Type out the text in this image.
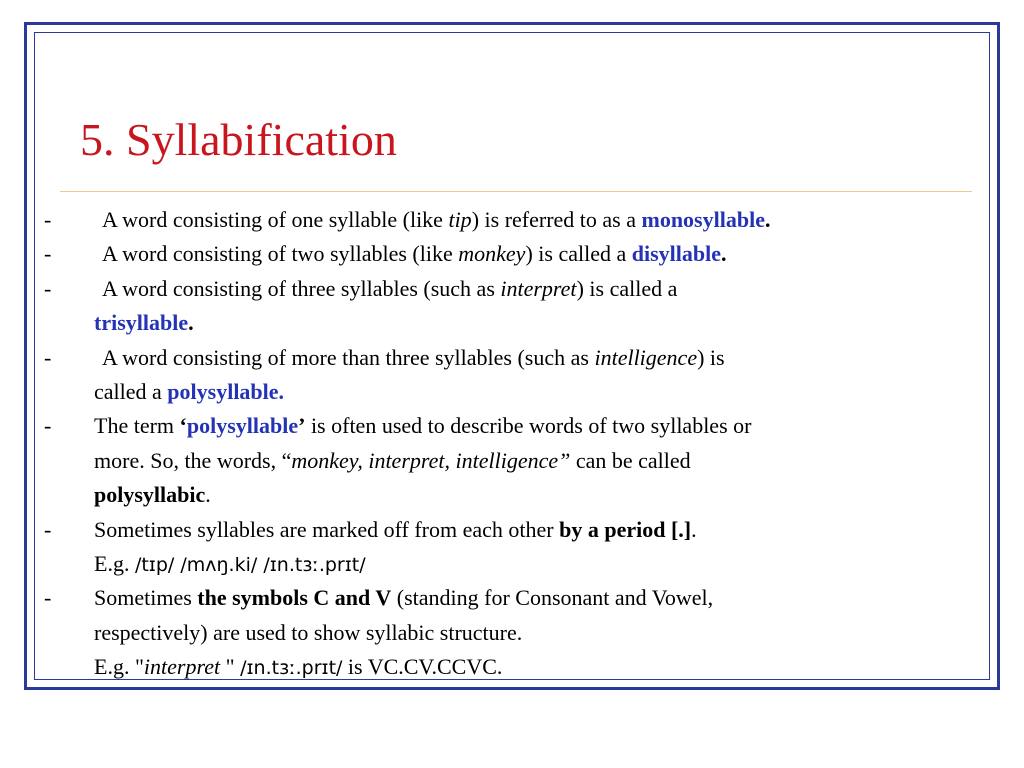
5. Syllabification
- A word consisting of one syllable (like tip) is referred to as a monosyllable.
- A word consisting of two syllables (like monkey) is called a disyllable.
- A word consisting of three syllables (such as interpret) is called a
trisyllable.
- A word consisting of more than three syllables (such as intelligence) is
called a polysyllable.
- The term ‘polysyllable’ is often used to describe words of two syllables or
more. So, the words, “monkey, interpret, intelligence” can be called
polysyllabic.
- Sometimes syllables are marked off from each other by a period [.].
E.g. /tɪp/ /mʌŋ.ki/ /ɪn.tɜː.prɪt/
- Sometimes the symbols C and V (standing for Consonant and Vowel,
respectively) are used to show syllabic structure.
E.g. "interpret " /ɪn.tɜː.prɪt/ is VC.CV.CCVC.
